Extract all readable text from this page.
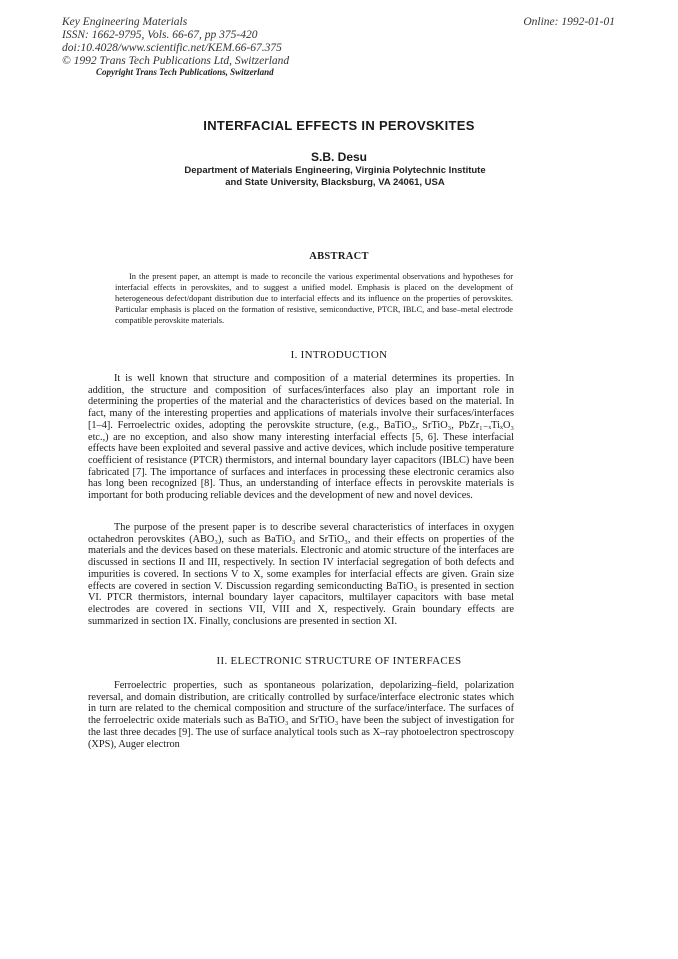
Key Engineering Materials
ISSN: 1662-9795, Vols. 66-67, pp 375-420
doi:10.4028/www.scientific.net/KEM.66-67.375
© 1992 Trans Tech Publications Ltd, Switzerland
Online: 1992-01-01
Copyright Trans Tech Publications, Switzerland
INTERFACIAL EFFECTS IN PEROVSKITES
S.B. Desu
Department of Materials Engineering, Virginia Polytechnic Institute
and State University, Blacksburg, VA 24061, USA
ABSTRACT
In the present paper, an attempt is made to reconcile the various experimental observations and hypotheses for interfacial effects in perovskites, and to suggest a unified model. Emphasis is placed on the development of heterogeneous defect/dopant distribution due to interfacial effects and its influence on the properties of perovskites. Particular emphasis is placed on the formation of resistive, semiconductive, PTCR, IBLC, and base–metal electrode compatible perovskite materials.
I. INTRODUCTION

It is well known that structure and composition of a material determines its properties. In addition, the structure and composition of surfaces/interfaces also play an important role in determining the properties of the material and the characteristics of devices based on the material. In fact, many of the interesting properties and applications of materials involve their surfaces/interfaces [1–4]. Ferroelectric oxides, adopting the perovskite structure, (e.g., BaTiO₃, SrTiO₃, PbZr₁₋ₓTiₓO₃ etc.,) are no exception, and also show many interesting interfacial effects [5, 6]. These interfacial effects have been exploited and several passive and active devices, which include positive temperature coefficient of resistance (PTCR) thermistors, and internal boundary layer capacitors (IBLC) have been fabricated [7]. The importance of surfaces and interfaces in processing these electronic ceramics also has long been recognized [8]. Thus, an understanding of interface effects in perovskite materials is important for both producing reliable devices and the development of new and novel devices.

The purpose of the present paper is to describe several characteristics of interfaces in oxygen octahedron perovskites (ABO₃), such as BaTiO₃ and SrTiO₃, and their effects on properties of the materials and the devices based on these materials. Electronic and atomic structure of the interfaces are discussed in sections II and III, respectively. In section IV interfacial segregation of both defects and impurities is covered. In sections V to X, some examples for interfacial effects are given. Grain size effects are covered in section V. Discussion regarding semiconducting BaTiO₃ is presented in section VI. PTCR thermistors, internal boundary layer capacitors, multilayer capacitors with base metal electrodes are covered in sections VII, VIII and X, respectively. Grain boundary effects are summarized in section IX. Finally, conclusions are presented in section XI.

II. ELECTRONIC STRUCTURE OF INTERFACES

Ferroelectric properties, such as spontaneous polarization, depolarizing–field, polarization reversal, and domain distribution, are critically controlled by surface/interface electronic states which in turn are related to the chemical composition and structure of the surface/interface. The surfaces of the ferroelectric oxide materials such as BaTiO₃ and SrTiO₃ have been the subject of investigation for the last three decades [9]. The use of surface analytical tools such as X–ray photoelectron spectroscopy (XPS), Auger electron
